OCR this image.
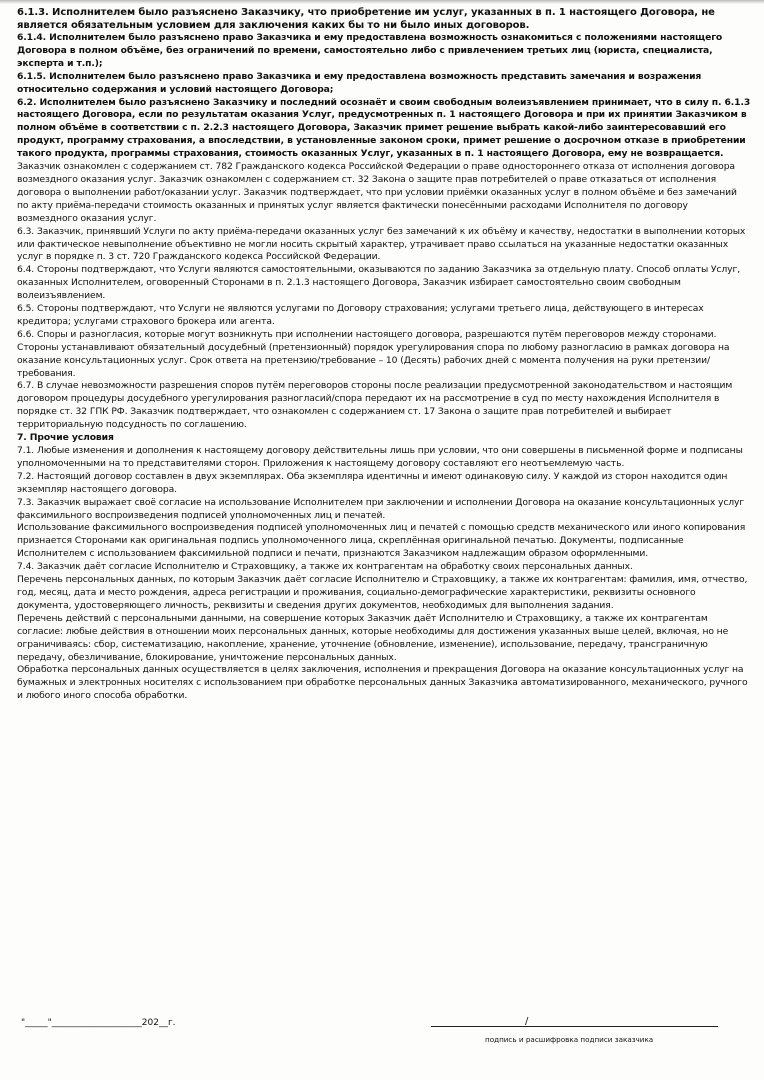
6.1.3. Исполнителем было разъяснено Заказчику, что приобретение им услуг, указанных в п. 1 настоящего Договора, не является обязательным условием для заключения каких бы то ни было иных договоров.

6.1.4. Исполнителем было разъяснено право Заказчика и ему предоставлена возможность ознакомиться с положениями настоящего Договора в полном объёме, без ограничений по времени, самостоятельно либо с привлечением третьих лиц (юриста, специалиста, эксперта и т.п.);

6.1.5. Исполнителем было разъяснено право Заказчика и ему предоставлена возможность представить замечания и возражения относительно содержания и условий настоящего Договора;

6.2. Исполнителем было разъяснено Заказчику и последний осознаёт и своим свободным волеизъявлением принимает, что в силу п. 6.1.3 настоящего Договора, если по результатам оказания Услуг, предусмотренных п. 1 настоящего Договора и при их принятии Заказчиком в полном объёме в соответствии с п. 2.2.3 настоящего Договора, Заказчик примет решение выбрать какой-либо заинтересовавший его продукт, программу страхования, а впоследствии, в установленные законом сроки, примет решение о досрочном отказе в приобретении такого продукта, программы страхования, стоимость оказанных Услуг, указанных в п. 1 настоящего Договора, ему не возвращается.

Заказчик ознакомлен с содержанием ст. 782 Гражданского кодекса Российской Федерации о праве одностороннего отказа от исполнения договора возмездного оказания услуг. Заказчик ознакомлен с содержанием ст. 32 Закона о защите прав потребителей о праве отказаться от исполнения договора о выполнении работ/оказании услуг. Заказчик подтверждает, что при условии приёмки оказанных услуг в полном объёме и без замечаний по акту приёма-передачи стоимость оказанных и принятых услуг является фактически понесёнными расходами Исполнителя по договору возмездного оказания услуг.

6.3. Заказчик, принявший Услуги по акту приёма-передачи оказанных услуг без замечаний к их объёму и качеству, недостатки в выполнении которых или фактическое невыполнение объективно не могли носить скрытый характер, утрачивает право ссылаться на указанные недостатки оказанных услуг в порядке п. 3 ст. 720 Гражданского кодекса Российской Федерации.

6.4. Стороны подтверждают, что Услуги являются самостоятельными, оказываются по заданию Заказчика за отдельную плату. Способ оплаты Услуг, оказанных Исполнителем, оговоренный Сторонами в п. 2.1.3 настоящего Договора, Заказчик избирает самостоятельно своим свободным волеизъявлением.

6.5. Стороны подтверждают, что Услуги не являются услугами по Договору страхования; услугами третьего лица, действующего в интересах кредитора; услугами страхового брокера или агента.

6.6. Споры и разногласия, которые могут возникнуть при исполнении настоящего договора, разрешаются путём переговоров между сторонами. Стороны устанавливают обязательный досудебный (претензионный) порядок урегулирования спора по любому разногласию в рамках договора на оказание консультационных услуг. Срок ответа на претензию/требование – 10 (Десять) рабочих дней с момента получения на руки претензии/требования.

6.7. В случае невозможности разрешения споров путём переговоров стороны после реализации предусмотренной законодательством и настоящим договором процедуры досудебного урегулирования разногласий/спора передают их на рассмотрение в суд по месту нахождения Исполнителя в порядке ст. 32 ГПК РФ. Заказчик подтверждает, что ознакомлен с содержанием ст. 17 Закона о защите прав потребителей и выбирает территориальную подсудность по соглашению.

7. Прочие условия

7.1. Любые изменения и дополнения к настоящему договору действительны лишь при условии, что они совершены в письменной форме и подписаны уполномоченными на то представителями сторон. Приложения к настоящему договору составляют его неотъемлемую часть.

7.2. Настоящий договор составлен в двух экземплярах. Оба экземпляра идентичны и имеют одинаковую силу. У каждой из сторон находится один экземпляр настоящего договора.

7.3. Заказчик выражает своё согласие на использование Исполнителем при заключении и исполнении Договора на оказание консультационных услуг факсимильного воспроизведения подписей уполномоченных лиц и печатей.

Использование факсимильного воспроизведения подписей уполномоченных лиц и печатей с помощью средств механического или иного копирования признается Сторонами как оригинальная подпись уполномоченного лица, скреплённая оригинальной печатью. Документы, подписанные Исполнителем с использованием факсимильной подписи и печати, признаются Заказчиком надлежащим образом оформленными.

7.4. Заказчик даёт согласие Исполнителю и Страховщику, а также их контрагентам на обработку своих персональных данных.

Перечень персональных данных, по которым Заказчик даёт согласие Исполнителю и Страховщику, а также их контрагентам: фамилия, имя, отчество, год, месяц, дата и место рождения, адреса регистрации и проживания, социально-демографические характеристики, реквизиты основного документа, удостоверяющего личность, реквизиты и сведения других документов, необходимых для выполнения задания.

Перечень действий с персональными данными, на совершение которых Заказчик даёт Исполнителю и Страховщику, а также их контрагентам согласие: любые действия в отношении моих персональных данных, которые необходимы для достижения указанных выше целей, включая, но не ограничиваясь: сбор, систематизацию, накопление, хранение, уточнение (обновление, изменение), использование, передачу, трансграничную передачу, обезличивание, блокирование, уничтожение персональных данных.

Обработка персональных данных осуществляется в целях заключения, исполнения и прекращения Договора на оказание консультационных услуг на бумажных и электронных носителях с использованием при обработке персональных данных Заказчика автоматизированного, механического, ручного и любого иного способа обработки.

"_____"____________________202__г.	/
подпись и расшифровка подписи заказчика
